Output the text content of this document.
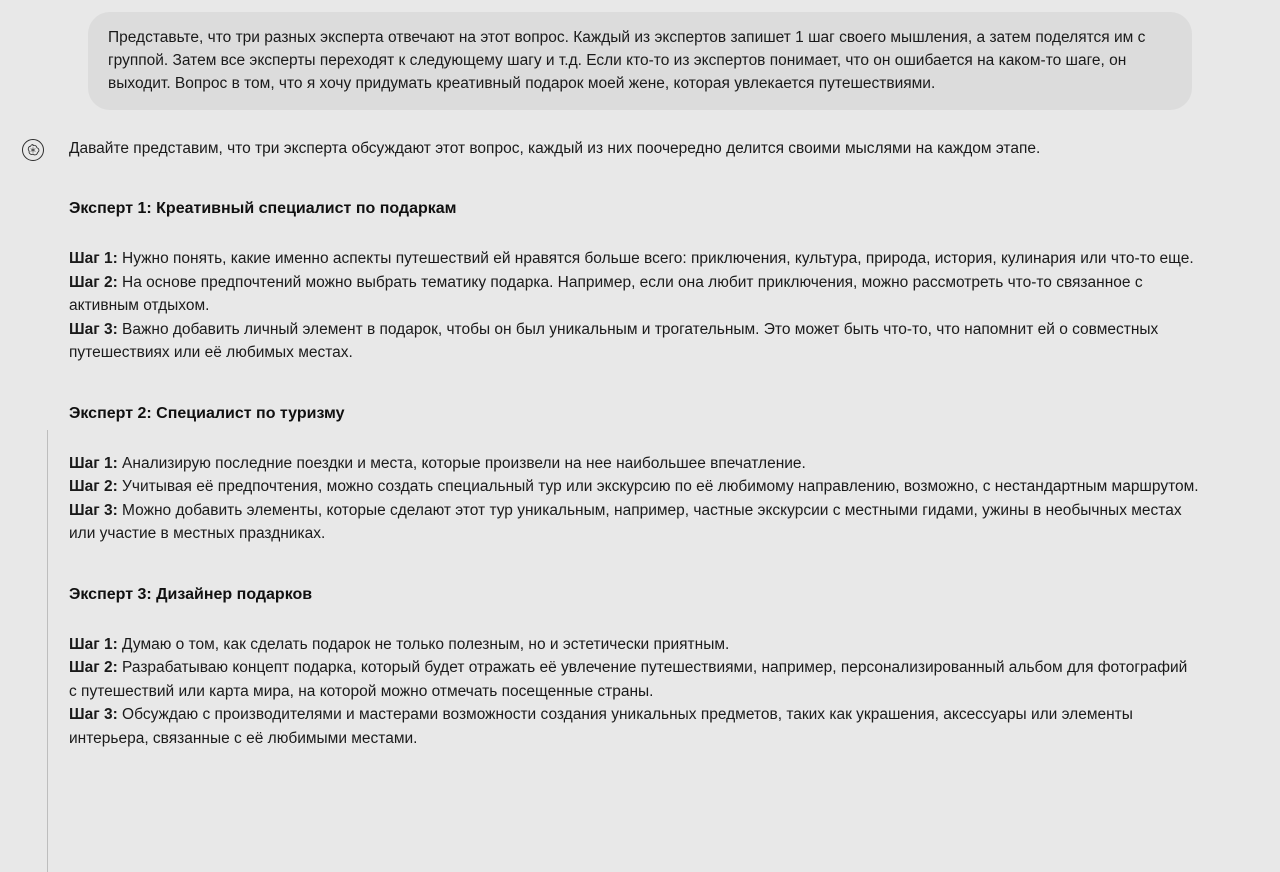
Представьте, что три разных эксперта отвечают на этот вопрос. Каждый из экспертов запишет 1 шаг своего мышления, а затем поделятся им с группой. Затем все эксперты переходят к следующему шагу и т.д. Если кто-то из экспертов понимает, что он ошибается на каком-то шаге, он выходит. Вопрос в том, что я хочу придумать креативный подарок моей жене, которая увлекается путешествиями.

Давайте представим, что три эксперта обсуждают этот вопрос, каждый из них поочередно делится своими мыслями на каждом этапе.

Эксперт 1: Креативный специалист по подаркам

Шаг 1: Нужно понять, какие именно аспекты путешествий ей нравятся больше всего: приключения, культура, природа, история, кулинария или что-то еще.

Шаг 2: На основе предпочтений можно выбрать тематику подарка. Например, если она любит приключения, можно рассмотреть что-то связанное с активным отдыхом.

Шаг 3: Важно добавить личный элемент в подарок, чтобы он был уникальным и трогательным. Это может быть что-то, что напомнит ей о совместных путешествиях или её любимых местах.

Эксперт 2: Специалист по туризму

Шаг 1: Анализирую последние поездки и места, которые произвели на нее наибольшее впечатление.

Шаг 2: Учитывая её предпочтения, можно создать специальный тур или экскурсию по её любимому направлению, возможно, с нестандартным маршрутом.

Шаг 3: Можно добавить элементы, которые сделают этот тур уникальным, например, частные экскурсии с местными гидами, ужины в необычных местах или участие в местных праздниках.

Эксперт 3: Дизайнер подарков

Шаг 1: Думаю о том, как сделать подарок не только полезным, но и эстетически приятным.

Шаг 2: Разрабатываю концепт подарка, который будет отражать её увлечение путешествиями, например, персонализированный альбом для фотографий с путешествий или карта мира, на которой можно отмечать посещенные страны.

Шаг 3: Обсуждаю с производителями и мастерами возможности создания уникальных предметов, таких как украшения, аксессуары или элементы интерьера, связанные с её любимыми местами.
